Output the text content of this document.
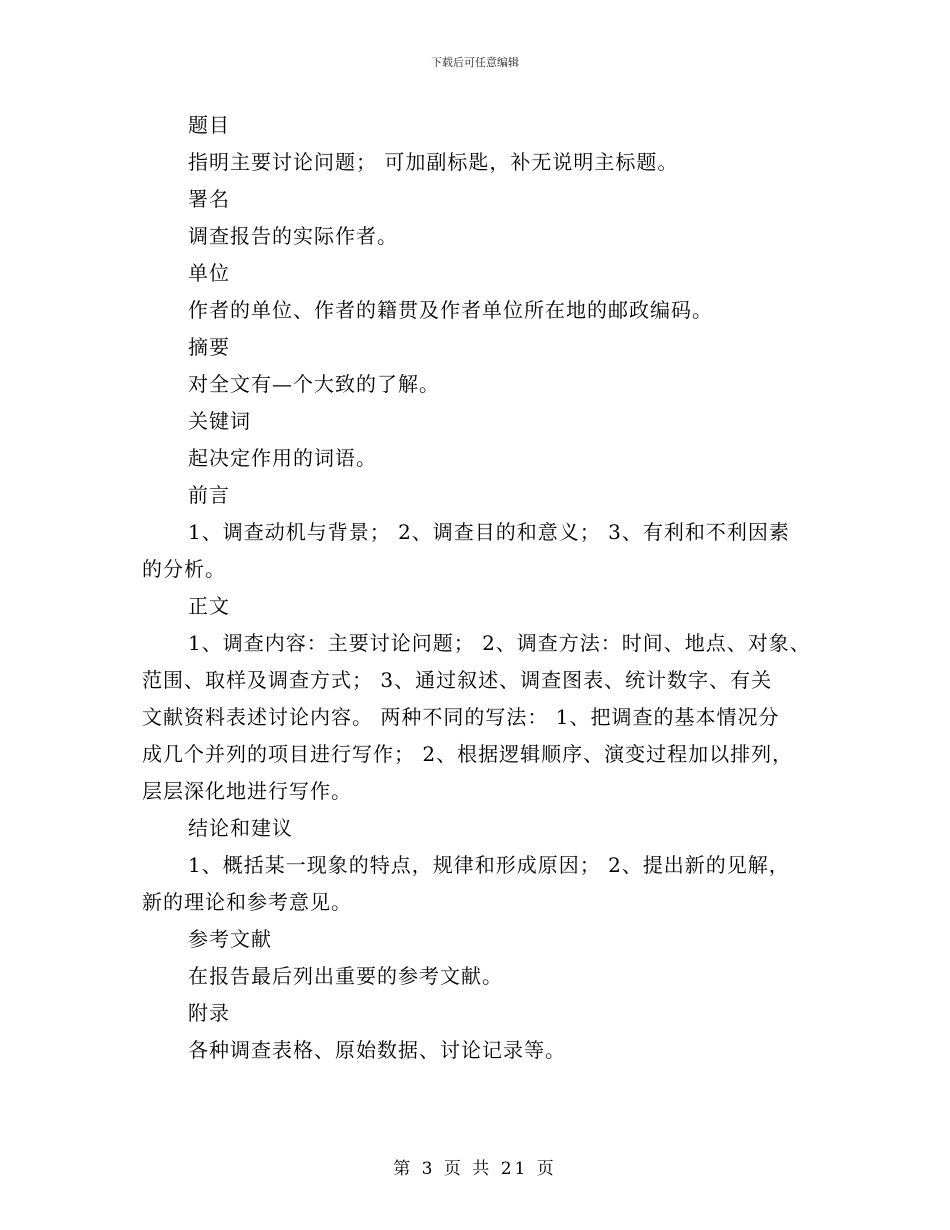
下载后可任意编辑
题目
指明主要讨论问题； 可加副标匙，补无说明主标题。
署名
调查报告的实际作者。
单位
作者的单位、作者的籍贯及作者单位所在地的邮政编码。
摘要
对全文有—个大致的了解。
关键词
起决定作用的词语。
前言
1、调查动机与背景； 2、调查目的和意义； 3、有利和不利因素
的分析。
正文
1、调查内容：主要讨论问题； 2、调查方法：时间、地点、对象、
范围、取样及调查方式； 3、通过叙述、调查图表、统计数字、有关
文献资料表述讨论内容。 两种不同的写法： 1、把调查的基本情况分
成几个并列的项目进行写作； 2、根据逻辑顺序、演变过程加以排列，
层层深化地进行写作。
结论和建议
1、概括某一现象的特点，规律和形成原因； 2、提出新的见解，
新的理论和参考意见。
参考文献
在报告最后列出重要的参考文献。
附录
各种调查表格、原始数据、讨论记录等。
第 3 页 共 21 页
